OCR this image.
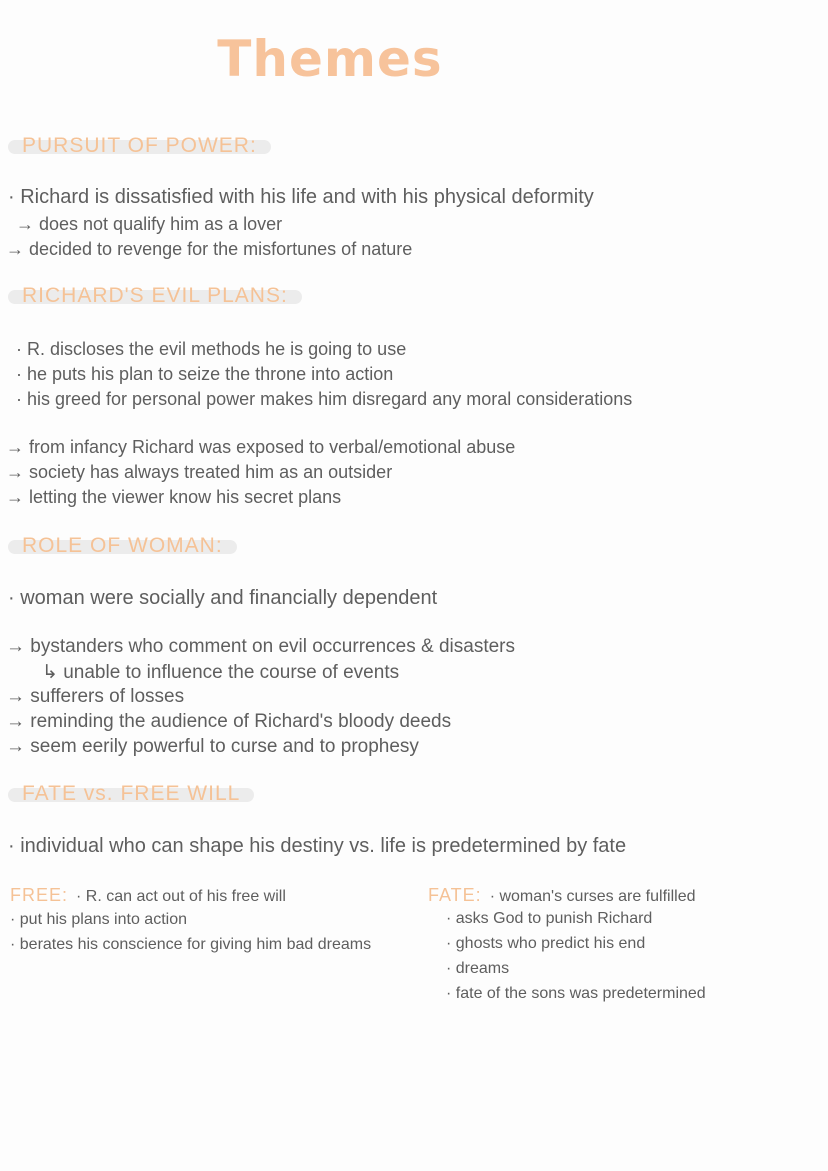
Themes
PURSUIT OF POWER:
· Richard is dissatisfied with his life and with his physical deformity
→ does not qualify him as a lover
→ decided to revenge for the misfortunes of nature
RICHARD'S EVIL PLANS:
· R. discloses the evil methods he is going to use
· he puts his plan to seize the throne into action
· his greed for personal power makes him disregard any moral considerations
→ from infancy Richard was exposed to verbal/emotional abuse
→ society has always treated him as an outsider
→ letting the viewer know his secret plans
ROLE OF WOMAN:
· woman were socially and financially dependent
→ bystanders who comment on evil occurrences & disasters
↳ unable to influence the course of events
→ sufferers of losses
→ reminding the audience of Richard's bloody deeds
→ seem eerily powerful to curse and to prophesy
FATE vs. FREE WILL
· individual who can shape his destiny vs. life is predetermined by fate
FREE: · R. can act out of his free will
· put his plans into action
· berates his conscience for giving him bad dreams
FATE: · woman's curses are fulfilled
· asks God to punish Richard
· ghosts who predict his end
· dreams
· fate of the sons was predetermined
